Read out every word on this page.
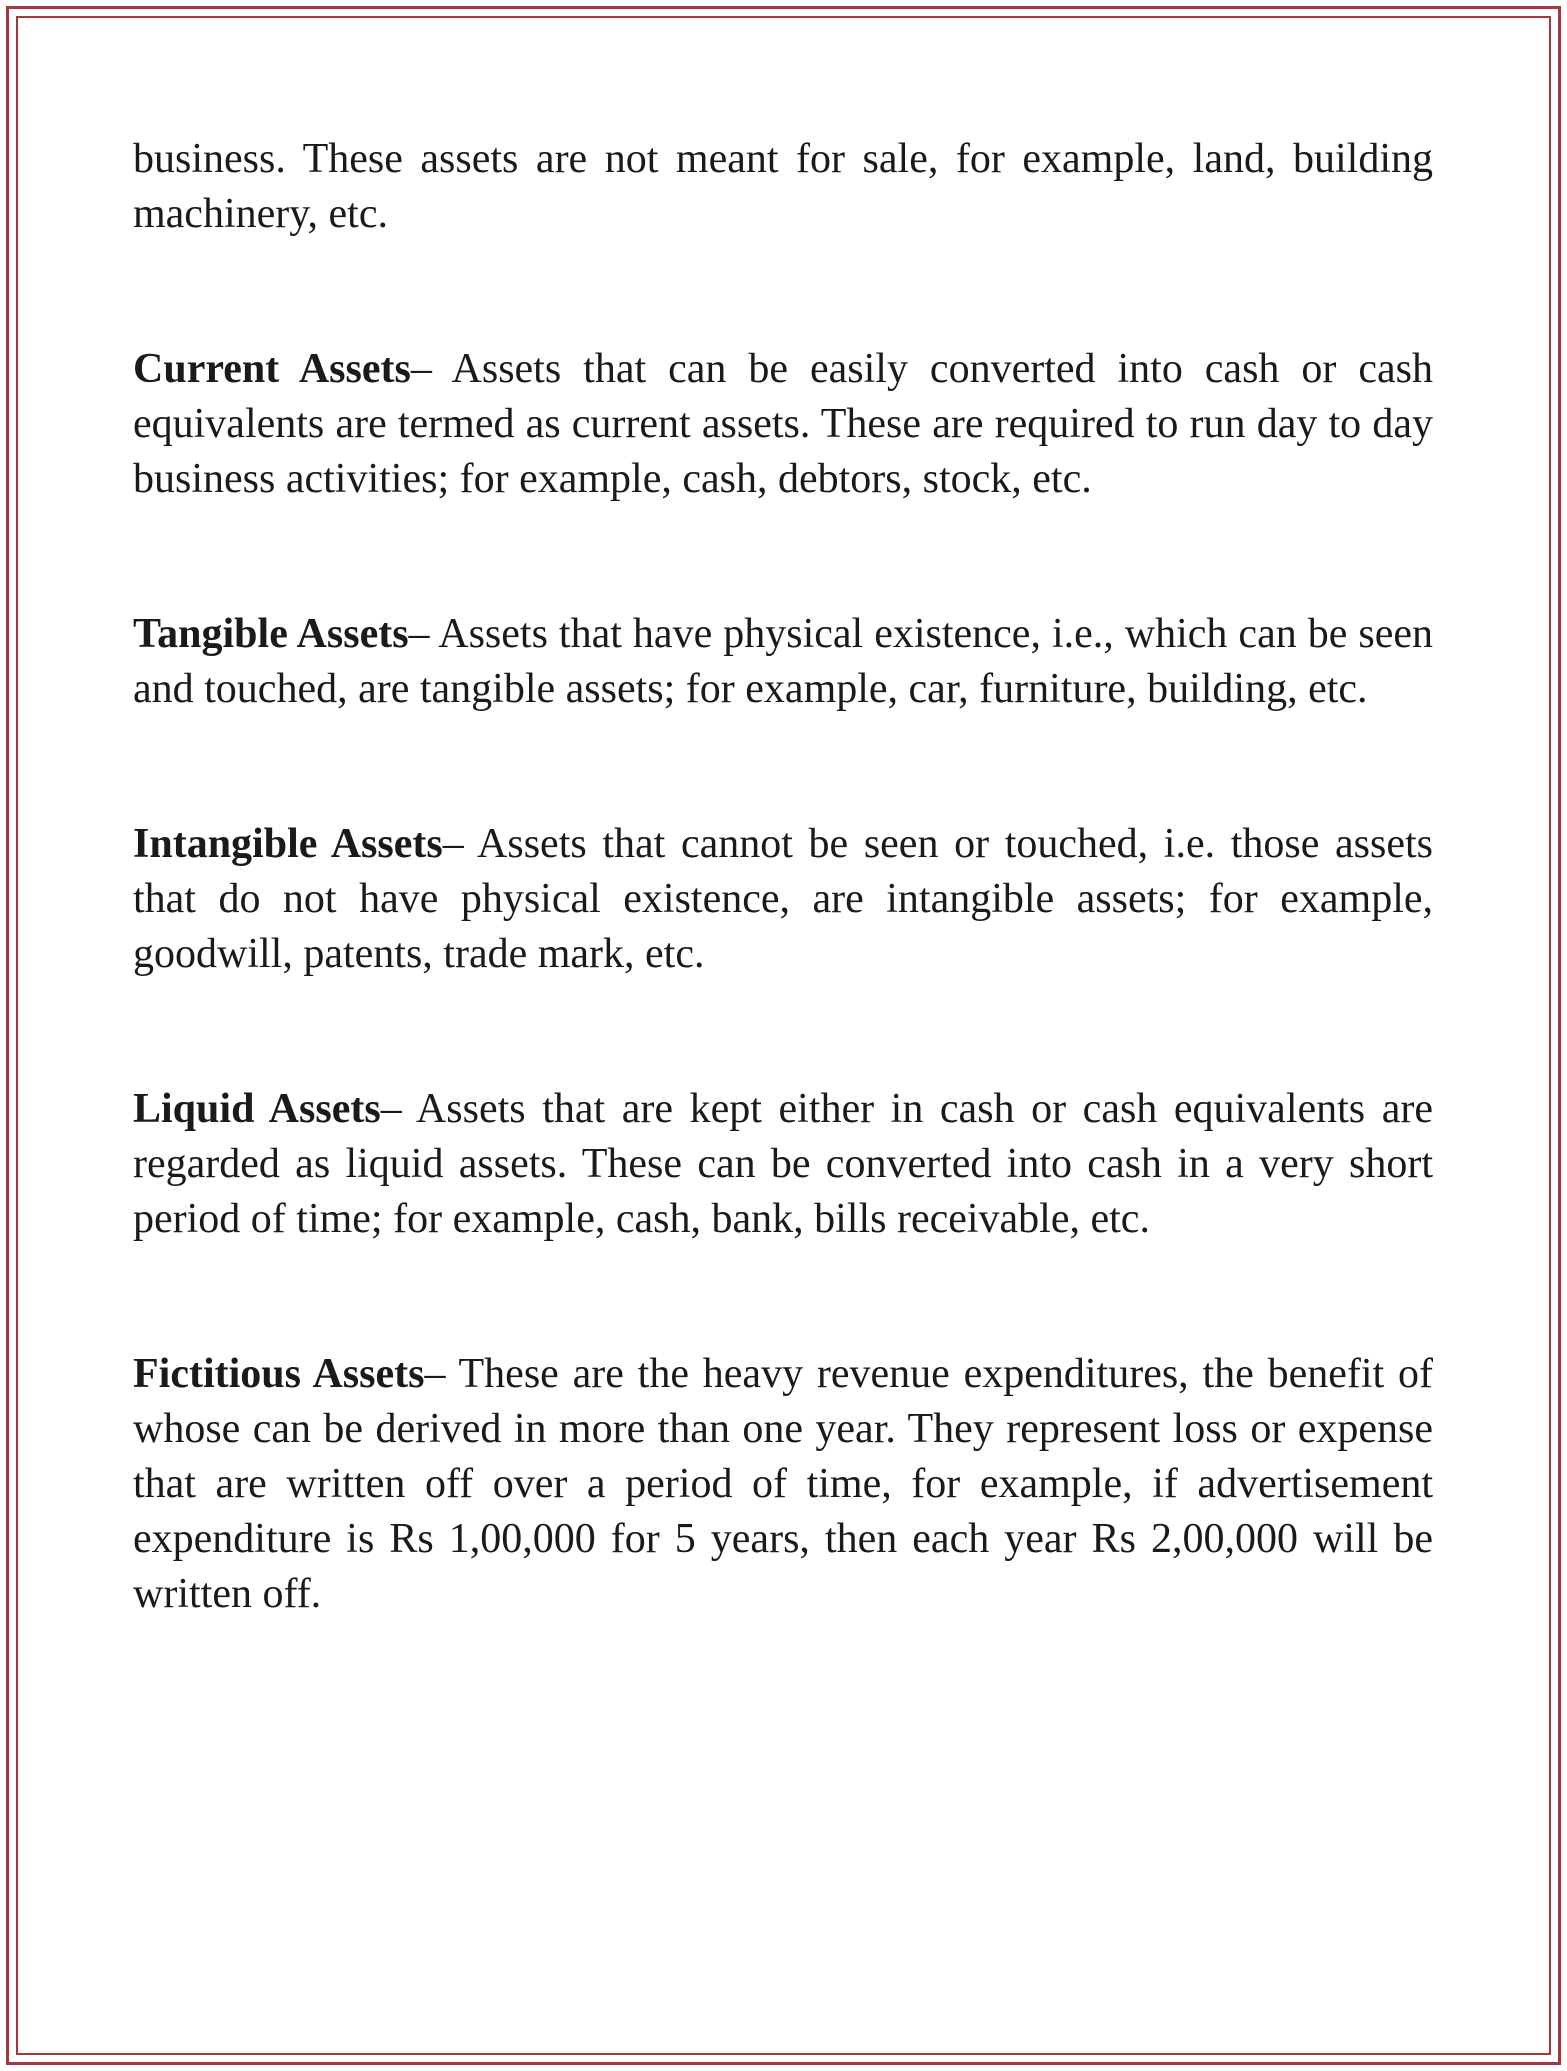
business. These assets are not meant for sale, for example, land, building machinery, etc.

Current Assets– Assets that can be easily converted into cash or cash equivalents are termed as current assets. These are required to run day to day business activities; for example, cash, debtors, stock, etc.

Tangible Assets– Assets that have physical existence, i.e., which can be seen and touched, are tangible assets; for example, car, furniture, building, etc.

Intangible Assets– Assets that cannot be seen or touched, i.e. those assets that do not have physical existence, are intangible assets; for example, goodwill, patents, trade mark, etc.

Liquid Assets– Assets that are kept either in cash or cash equivalents are regarded as liquid assets. These can be converted into cash in a very short period of time; for example, cash, bank, bills receivable, etc.

Fictitious Assets– These are the heavy revenue expenditures, the benefit of whose can be derived in more than one year. They represent loss or expense that are written off over a period of time, for example, if advertisement expenditure is Rs 1,00,000 for 5 years, then each year Rs 2,00,000 will be written off.
